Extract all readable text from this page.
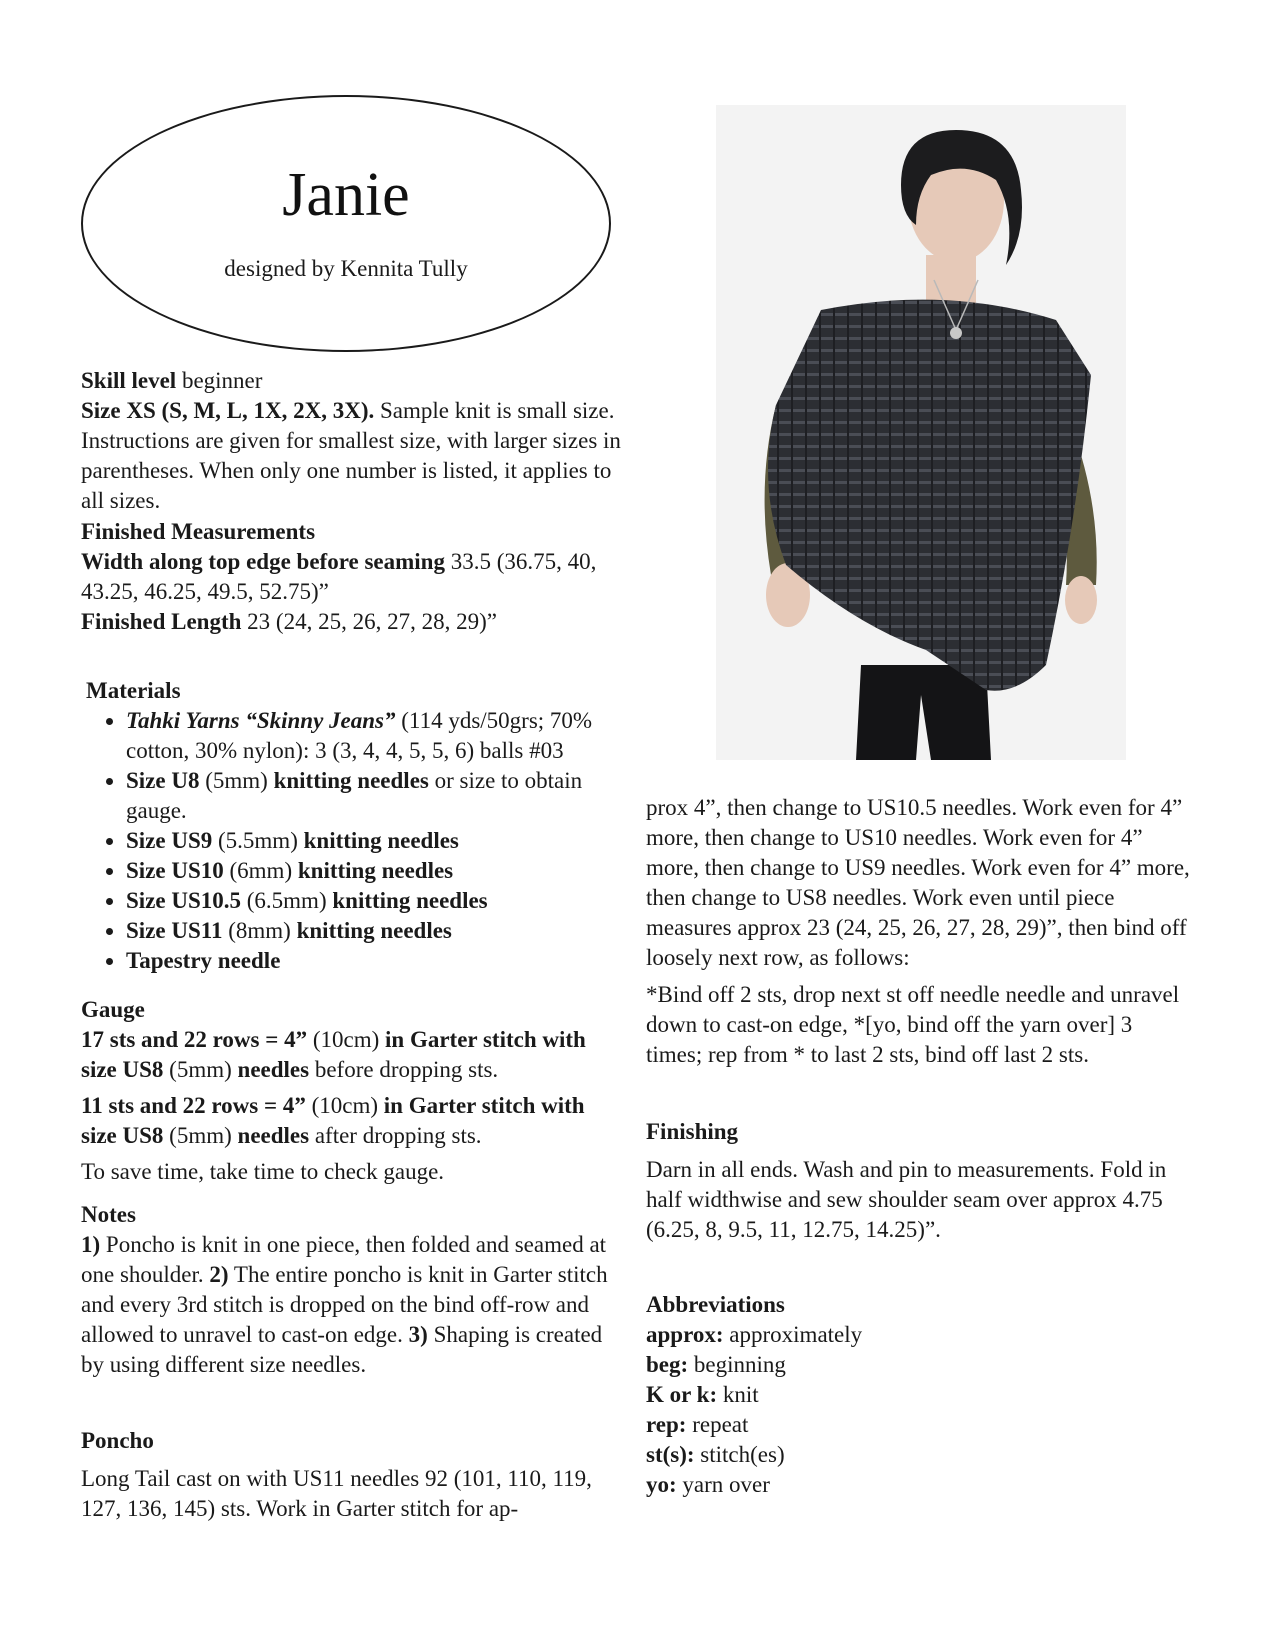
Janie
designed by Kennita Tully

Skill level beginner

Size XS (S, M, L, 1X, 2X, 3X). Sample knit is small size. Instructions are given for smallest size, with larger sizes in parentheses. When only one number is listed, it applies to all sizes.

Finished Measurements

Width along top edge before seaming 33.5 (36.75, 40, 43.25, 46.25, 49.5, 52.75)”

Finished Length 23 (24, 25, 26, 27, 28, 29)”

Materials

• Tahki Yarns “Skinny Jeans” (114 yds/50grs; 70% cotton, 30% nylon): 3 (3, 4, 4, 5, 5, 6) balls #03
• Size U8 (5mm) knitting needles or size to obtain gauge.
• Size US9 (5.5mm) knitting needles
• Size US10 (6mm) knitting needles
• Size US10.5 (6.5mm) knitting needles
• Size US11 (8mm) knitting needles
• Tapestry needle

Gauge

17 sts and 22 rows = 4” (10cm) in Garter stitch with size US8 (5mm) needles before dropping sts.

11 sts and 22 rows = 4” (10cm) in Garter stitch with size US8 (5mm) needles after dropping sts.

To save time, take time to check gauge.

Notes

1) Poncho is knit in one piece, then folded and seamed at one shoulder. 2) The entire poncho is knit in Garter stitch and every 3rd stitch is dropped on the bind off-row and allowed to unravel to cast-on edge. 3) Shaping is created by using different size needles.

Poncho

Long Tail cast on with US11 needles 92 (101, 110, 119, 127, 136, 145) sts. Work in Garter stitch for ap-

prox 4”, then change to US10.5 needles. Work even for 4” more, then change to US10 needles. Work even for 4” more, then change to US9 needles. Work even for 4” more, then change to US8 needles. Work even until piece measures approx 23 (24, 25, 26, 27, 28, 29)”, then bind off loosely next row, as follows:

*Bind off 2 sts, drop next st off needle needle and unravel down to cast-on edge, *[yo, bind off the yarn over] 3 times; rep from * to last 2 sts, bind off last 2 sts.

Finishing

Darn in all ends. Wash and pin to measurements. Fold in half widthwise and sew shoulder seam over approx 4.75 (6.25, 8, 9.5, 11, 12.75, 14.25)”.

Abbreviations

approx: approximately

beg: beginning

K or k: knit

rep: repeat

st(s): stitch(es)

yo: yarn over
